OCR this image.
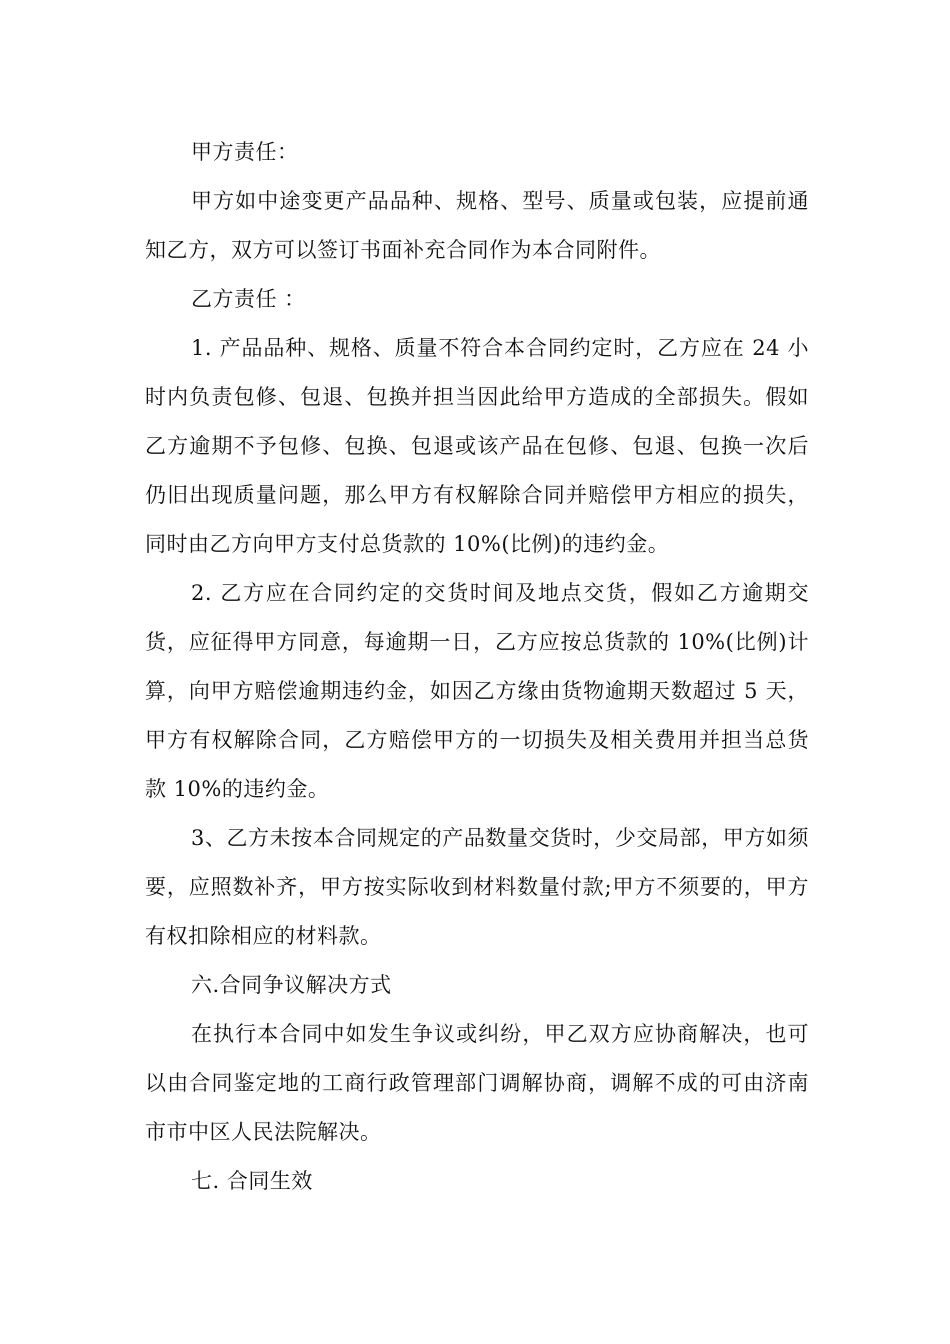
甲方责任：

甲方如中途变更产品品种、规格、型号、质量或包装，应提前通知乙方，双方可以签订书面补充合同作为本合同附件。

乙方责任 ：

1. 产品品种、规格、质量不符合本合同约定时，乙方应在 24 小时内负责包修、包退、包换并担当因此给甲方造成的全部损失。假如乙方逾期不予包修、包换、包退或该产品在包修、包退、包换一次后仍旧出现质量问题，那么甲方有权解除合同并赔偿甲方相应的损失，同时由乙方向甲方支付总货款的 10%(比例)的违约金。

2. 乙方应在合同约定的交货时间及地点交货，假如乙方逾期交货，应征得甲方同意，每逾期一日，乙方应按总货款的 10%(比例)计算，向甲方赔偿逾期违约金，如因乙方缘由货物逾期天数超过 5 天，甲方有权解除合同，乙方赔偿甲方的一切损失及相关费用并担当总货款 10%的违约金。

3、乙方未按本合同规定的产品数量交货时，少交局部，甲方如须要，应照数补齐，甲方按实际收到材料数量付款;甲方不须要的，甲方有权扣除相应的材料款。

六.合同争议解决方式

在执行本合同中如发生争议或纠纷，甲乙双方应协商解决，也可以由合同鉴定地的工商行政管理部门调解协商，调解不成的可由济南市市中区人民法院解决。

七. 合同生效
